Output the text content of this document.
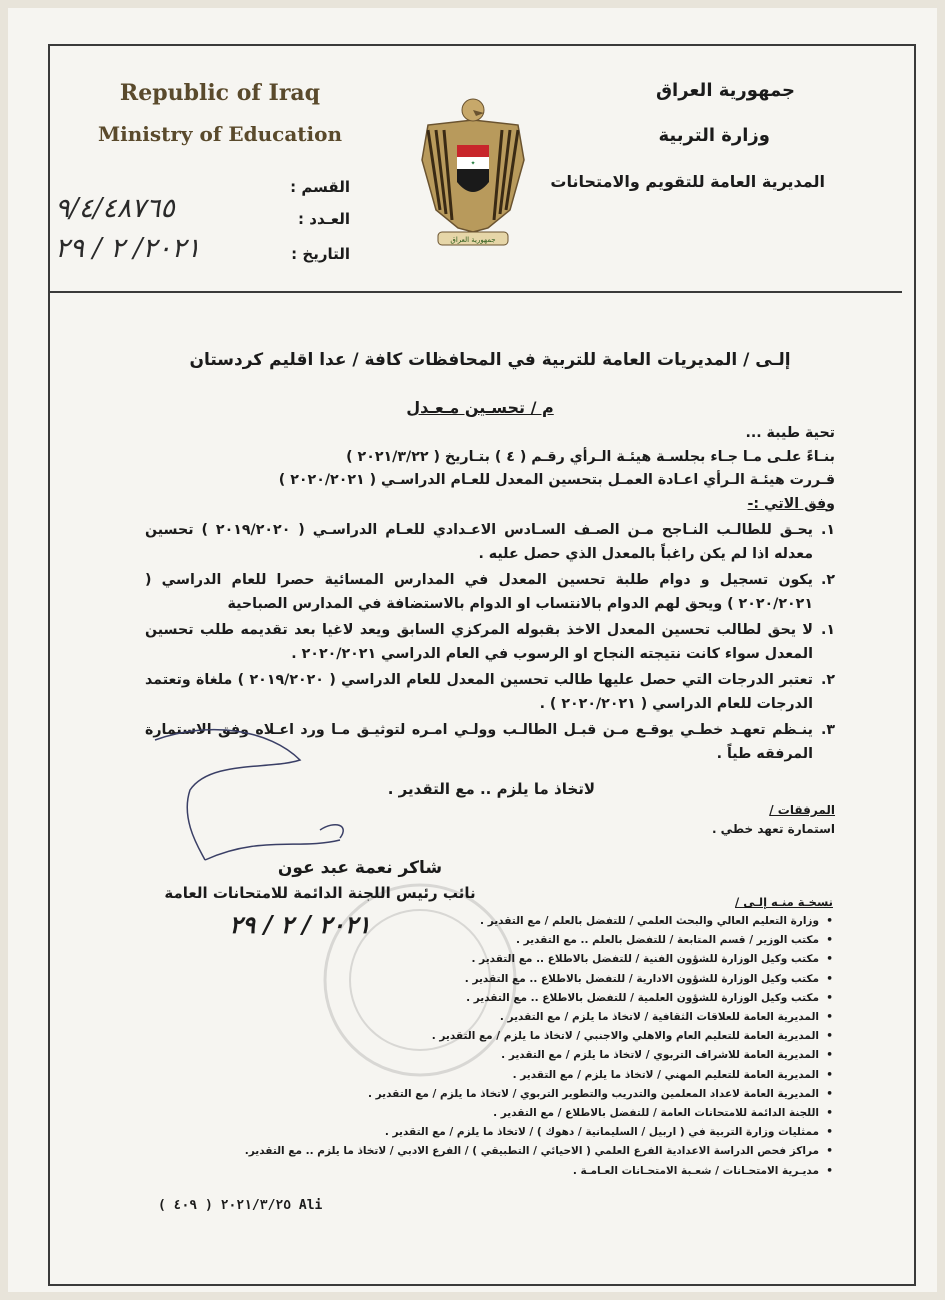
Republic of Iraq
Ministry of Education
جمهورية العراق
وزارة التربية
المديرية العامة للتقويم والامتحانات
✦
جمهورية العراق
القسم :
العـدد :
التاريخ :
٩/٤/٤٨٧٦٥
٢٠٢١/ ٢ / ٢٩
إلـى / المديريات العامة للتربية في المحافظات كافة / عدا اقليم كردستان
م / تحسـين مـعـدل

تحية طيبة ...

بنـاءً علـى مـا جـاء بجلسـة هيئـة الـرأي رقـم ( ٤ ) بتـاريخ ( ٢٠٢١/٣/٢٢ )

قـررت هيئـة الـرأي اعـادة العمـل بتحسين المعدل للعـام الدراسـي ( ٢٠٢٠/٢٠٢١ )

وفق الاتي :-

١.
يحـق للطالـب النـاجح مـن الصـف السـادس الاعـدادي للعـام الدراسـي ( ٢٠١٩/٢٠٢٠ ) تحسين معدله اذا لم يكن راغباً بالمعدل الذي حصل عليه .
٢.
يكون تسجيل و دوام طلبة تحسين المعدل في المدارس المسائية حصرا للعام الدراسي ( ٢٠٢٠/٢٠٢١ ) ويحق لهم الدوام بالانتساب او الدوام بالاستضافة في المدارس الصباحية
١.
لا يحق لطالب تحسين المعدل الاخذ بقبوله المركزي السابق ويعد لاغيا بعد تقديمه طلب تحسين المعدل سواء كانت نتيجته النجاح او الرسوب في العام الدراسي ٢٠٢٠/٢٠٢١ .
٢.
تعتبر الدرجات التي حصل عليها طالب تحسين المعدل للعام الدراسي ( ٢٠١٩/٢٠٢٠ ) ملغاة وتعتمد الدرجات للعام الدراسي ( ٢٠٢٠/٢٠٢١ ) .
٣.
ينـظم تعهـد خطـي يوقـع مـن قبـل الطالـب وولـي امـره لتوثيـق مـا ورد اعـلاه وفق الاستمارة المرفقه طياً .
لاتخاذ ما يلزم .. مع التقدير .
المرفقات /
استمارة تعهد خطي .
شاكر نعمة عبد عون
نائب رئيس اللجنة الدائمة للامتحانات العامة
٢٠٢١ / ٢ / ٢٩
نسخـة منـه إلـى /
• وزارة التعليم العالي والبحث العلمي / للتفضل بالعلم / مع التقدير .
• مكتب الوزير / قسم المتابعة / للتفضل بالعلم .. مع التقدير .
• مكتب وكيل الوزارة للشؤون الفنية / للتفضل بالاطلاع .. مع التقدير .
• مكتب وكيل الوزارة للشؤون الادارية / للتفضل بالاطلاع .. مع التقدير .
• مكتب وكيل الوزارة للشؤون العلمية / للتفضل بالاطلاع .. مع التقدير .
• المديرية العامة للعلاقات الثقافية / لاتخاذ ما يلزم / مع التقدير .
• المديرية العامة للتعليم العام والاهلي والاجنبي / لاتخاذ ما يلزم / مع التقدير .
• المديرية العامة للاشراف التربوي / لاتخاذ ما يلزم / مع التقدير .
• المديرية العامة للتعليم المهني / لاتخاذ ما يلزم / مع التقدير .
• المديرية العامة لاعداد المعلمين والتدريب والتطوير التربوي / لاتخاذ ما يلزم / مع التقدير .
• اللجنة الدائمة للامتحانات العامة / للتفضل بالاطلاع / مع التقدير .
• ممثليات وزارة التربية في ( اربيل / السليمانية / دهوك ) / لاتخاذ ما يلزم / مع التقدير .
• مراكز فحص الدراسة الاعدادية الفرع العلمي ( الاحيائي / التطبيقي ) / الفرع الادبي / لاتخاذ ما يلزم .. مع التقدير.
• مديـرية الامتحـانات / شعـبة الامتحـانات العـامـة .
( ٤٠٩ ) ٢٠٢١/٣/٢٥ Ali
